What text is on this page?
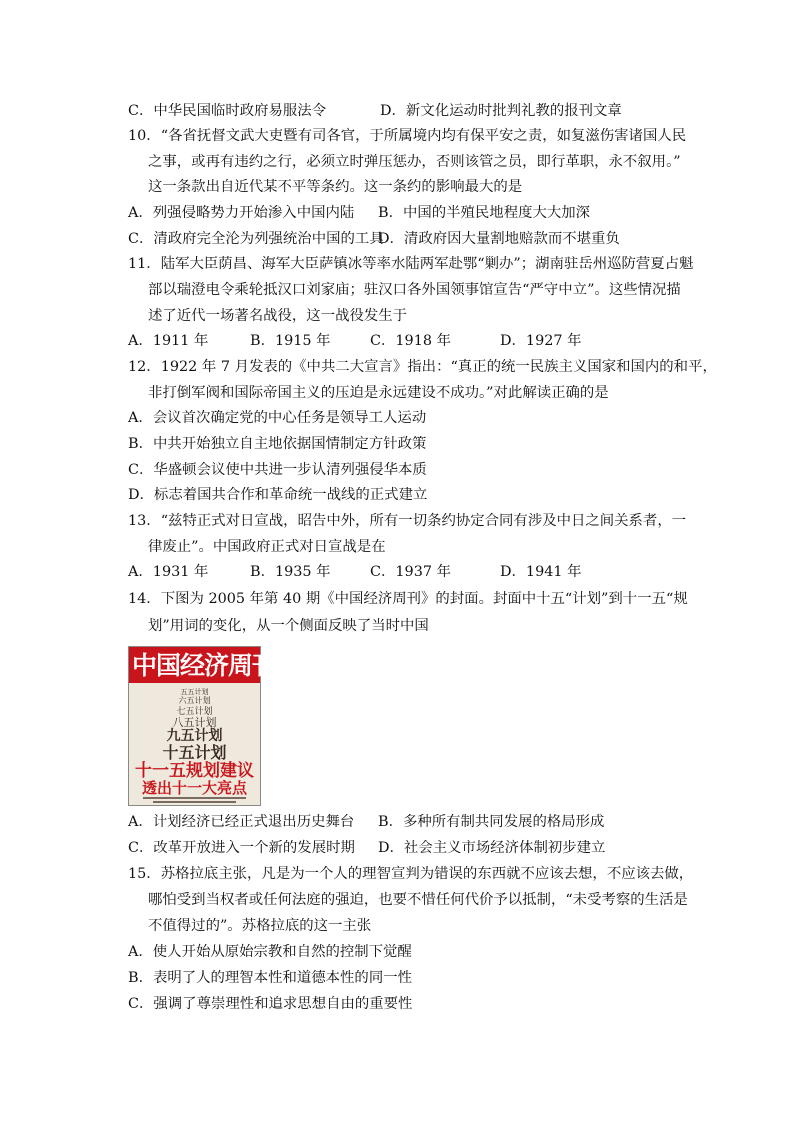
C．中华民国临时政府易服法令	D．新文化运动时批判礼教的报刊文章
10．“各省抚督文武大吏暨有司各官，于所属境内均有保平安之责，如复滋伤害诸国人民
之事，或再有违约之行，必须立时弹压惩办，否则该管之员，即行革职，永不叙用。”
这一条款出自近代某不平等条约。这一条约的影响最大的是
A．列强侵略势力开始渗入中国内陆 B．中国的半殖民地程度大大加深
C．清政府完全沦为列强统治中国的工具
D．清政府因大量割地赔款而不堪重负
11．陆军大臣荫昌、海军大臣萨镇冰等率水陆两军赴鄂“剿办”；湖南驻岳州巡防营夏占魁
部以瑞澄电令乘轮抵汉口刘家庙；驻汉口各外国领事馆宣告“严守中立”。这些情况描
述了近代一场著名战役，这一战役发生于
A．1911 年	B．1915 年	C．1918 年	D．1927 年
12．1922 年 7 月发表的《中共二大宣言》指出：“真正的统一民族主义国家和国内的和平，
非打倒军阀和国际帝国主义的压迫是永远建设不成功。”对此解读正确的是
A．会议首次确定党的中心任务是领导工人运动
B．中共开始独立自主地依据国情制定方针政策
C．华盛顿会议使中共进一步认清列强侵华本质
D．标志着国共合作和革命统一战线的正式建立
13．“兹特正式对日宣战，昭告中外，所有一切条约协定合同有涉及中日之间关系者，一
律废止”。中国政府正式对日宣战是在
A．1931 年	B．1935 年	C．1937 年	D．1941 年
14．下图为 2005 年第 40 期《中国经济周刊》的封面。封面中十五“计划”到十一五“规
划”用词的变化，从一个侧面反映了当时中国
中国经济周刊
五五计划
六五计划
七五计划
八五计划
九五计划
十五计划
十一五规划建议
透出十一大亮点
A．计划经济已经正式退出历史舞台 B．多种所有制共同发展的格局形成
C．改革开放进入一个新的发展时期 D．社会主义市场经济体制初步建立
15．苏格拉底主张，凡是为一个人的理智宣判为错误的东西就不应该去想，不应该去做，
哪怕受到当权者或任何法庭的强迫，也要不惜任何代价予以抵制，“未受考察的生活是
不值得过的”。苏格拉底的这一主张
A．使人开始从原始宗教和自然的控制下觉醒
B．表明了人的理智本性和道德本性的同一性
C．强调了尊崇理性和追求思想自由的重要性
